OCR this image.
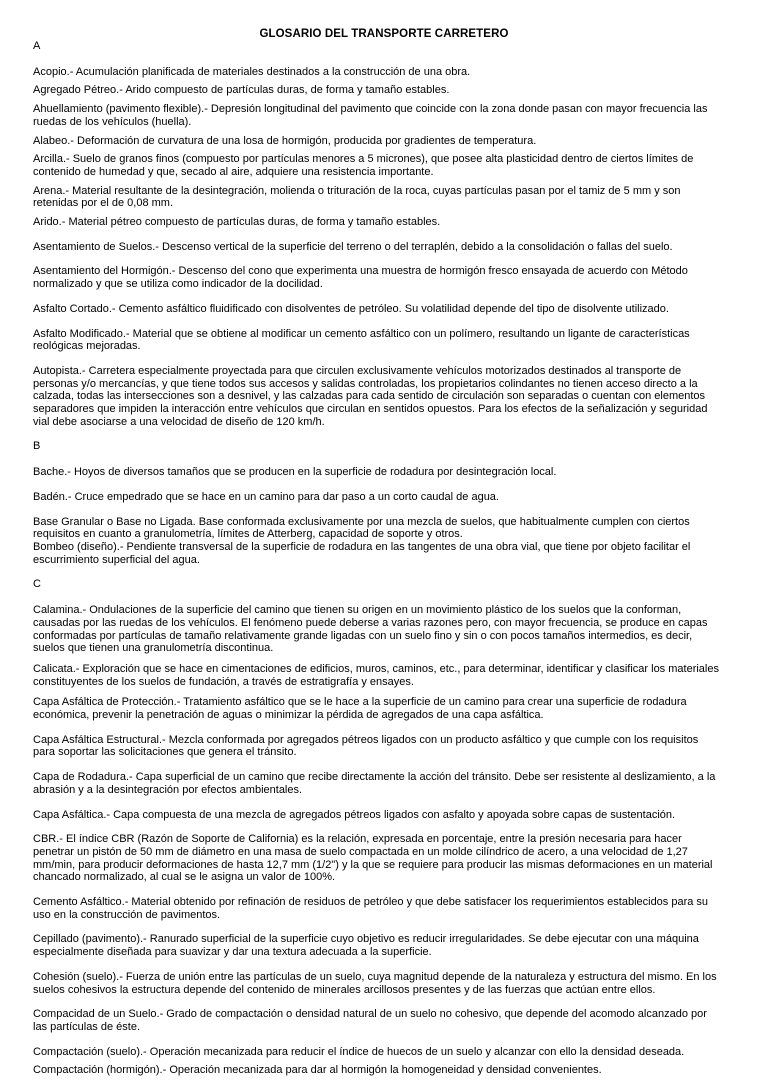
GLOSARIO DEL TRANSPORTE CARRETERO
A

Acopio.- Acumulación planificada de materiales destinados a la construcción de una obra.

Agregado Pétreo.- Arido compuesto de partículas duras, de forma y tamaño estables.

Ahuellamiento (pavimento flexible).- Depresión longitudinal del pavimento que coincide con la zona donde pasan con mayor frecuencia las ruedas de los vehículos (huella).

Alabeo.- Deformación de curvatura de una losa de hormigón, producida por gradientes de temperatura.

Arcilla.- Suelo de granos finos (compuesto por partículas menores a 5 micrones), que posee alta plasticidad dentro de ciertos límites de contenido de humedad y que, secado al aire, adquiere una resistencia importante.

Arena.- Material resultante de la desintegración, molienda o trituración de la roca, cuyas partículas pasan por el tamiz de 5 mm y son retenidas por el de 0,08 mm.

Arido.- Material pétreo compuesto de partículas duras, de forma y tamaño estables.

Asentamiento de Suelos.- Descenso vertical de la superficie del terreno o del terraplén, debido a la consolidación o fallas del suelo.

Asentamiento del Hormigón.- Descenso del cono que experimenta una muestra de hormigón fresco ensayada de acuerdo con Método normalizado y que se utiliza como indicador de la docilidad.

Asfalto Cortado.- Cemento asfáltico fluidificado con disolventes de petróleo. Su volatilidad depende del tipo de disolvente utilizado.

Asfalto Modificado.- Material que se obtiene al modificar un cemento asfáltico con un polímero, resultando un ligante de características reológicas mejoradas.

Autopista.- Carretera especialmente proyectada para que circulen exclusivamente vehículos motorizados destinados al transporte de personas y/o mercancías, y que tiene todos sus accesos y salidas controladas, los propietarios colindantes no tienen acceso directo a la calzada, todas las intersecciones son a desnivel, y las calzadas para cada sentido de circulación son separadas o cuentan con elementos separadores que impiden la interacción entre vehículos que circulan en sentidos opuestos. Para los efectos de la señalización y seguridad vial debe asociarse a una velocidad de diseño de 120 km/h.

B

Bache.- Hoyos de diversos tamaños que se producen en la superficie de rodadura por desintegración local.

Badén.- Cruce empedrado que se hace en un camino para dar paso a un corto caudal de agua.

Base Granular o Base no Ligada. Base conformada exclusivamente por una mezcla de suelos, que habitualmente cumplen con ciertos requisitos en cuanto a granulometría, límites de Atterberg, capacidad de soporte y otros.

Bombeo (diseño).- Pendiente transversal de la superficie de rodadura en las tangentes de una obra vial, que tiene por objeto facilitar el escurrimiento superficial del agua.

C

Calamina.- Ondulaciones de la superficie del camino que tienen su origen en un movimiento plástico de los suelos que la conforman, causadas por las ruedas de los vehículos. El fenómeno puede deberse a varias razones pero, con mayor frecuencia, se produce en capas conformadas por partículas de tamaño relativamente grande ligadas con un suelo fino y sin o con pocos tamaños intermedios, es decir, suelos que tienen una granulometría discontinua.

Calicata.- Exploración que se hace en cimentaciones de edificios, muros, caminos, etc., para determinar, identificar y clasificar los materiales constituyentes de los suelos de fundación, a través de estratigrafía y ensayes.

Capa Asfáltica de Protección.- Tratamiento asfáltico que se le hace a la superficie de un camino para crear una superficie de rodadura económica, prevenir la penetración de aguas o minimizar la pérdida de agregados de una capa asfáltica.

Capa Asfáltica Estructural.- Mezcla conformada por agregados pétreos ligados con un producto asfáltico y que cumple con los requisitos para soportar las solicitaciones que genera el tránsito.

Capa de Rodadura.- Capa superficial de un camino que recibe directamente la acción del tránsito. Debe ser resistente al deslizamiento, a la abrasión y a la desintegración por efectos ambientales.

Capa Asfáltica.- Capa compuesta de una mezcla de agregados pétreos ligados con asfalto y apoyada sobre capas de sustentación.

CBR.- El índice CBR (Razón de Soporte de California) es la relación, expresada en porcentaje, entre la presión necesaria para hacer penetrar un pistón de 50 mm de diámetro en una masa de suelo compactada en un molde cilíndrico de acero, a una velocidad de 1,27 mm/min, para producir deformaciones de hasta 12,7 mm (1/2") y la que se requiere para producir las mismas deformaciones en un material chancado normalizado, al cual se le asigna un valor de 100%.

Cemento Asfáltico.- Material obtenido por refinación de residuos de petróleo y que debe satisfacer los requerimientos establecidos para su uso en la construcción de pavimentos.

Cepillado (pavimento).- Ranurado superficial de la superficie cuyo objetivo es reducir irregularidades. Se debe ejecutar con una máquina especialmente diseñada para suavizar y dar una textura adecuada a la superficie.

Cohesión (suelo).- Fuerza de unión entre las partículas de un suelo, cuya magnitud depende de la naturaleza y estructura del mismo. En los suelos cohesivos la estructura depende del contenido de minerales arcillosos presentes y de las fuerzas que actúan entre ellos.

Compacidad de un Suelo.- Grado de compactación o densidad natural de un suelo no cohesivo, que depende del acomodo alcanzado por las partículas de éste.

Compactación (suelo).- Operación mecanizada para reducir el índice de huecos de un suelo y alcanzar con ello la densidad deseada.

Compactación (hormigón).- Operación mecanizada para dar al hormigón la homogeneidad y densidad convenientes.
